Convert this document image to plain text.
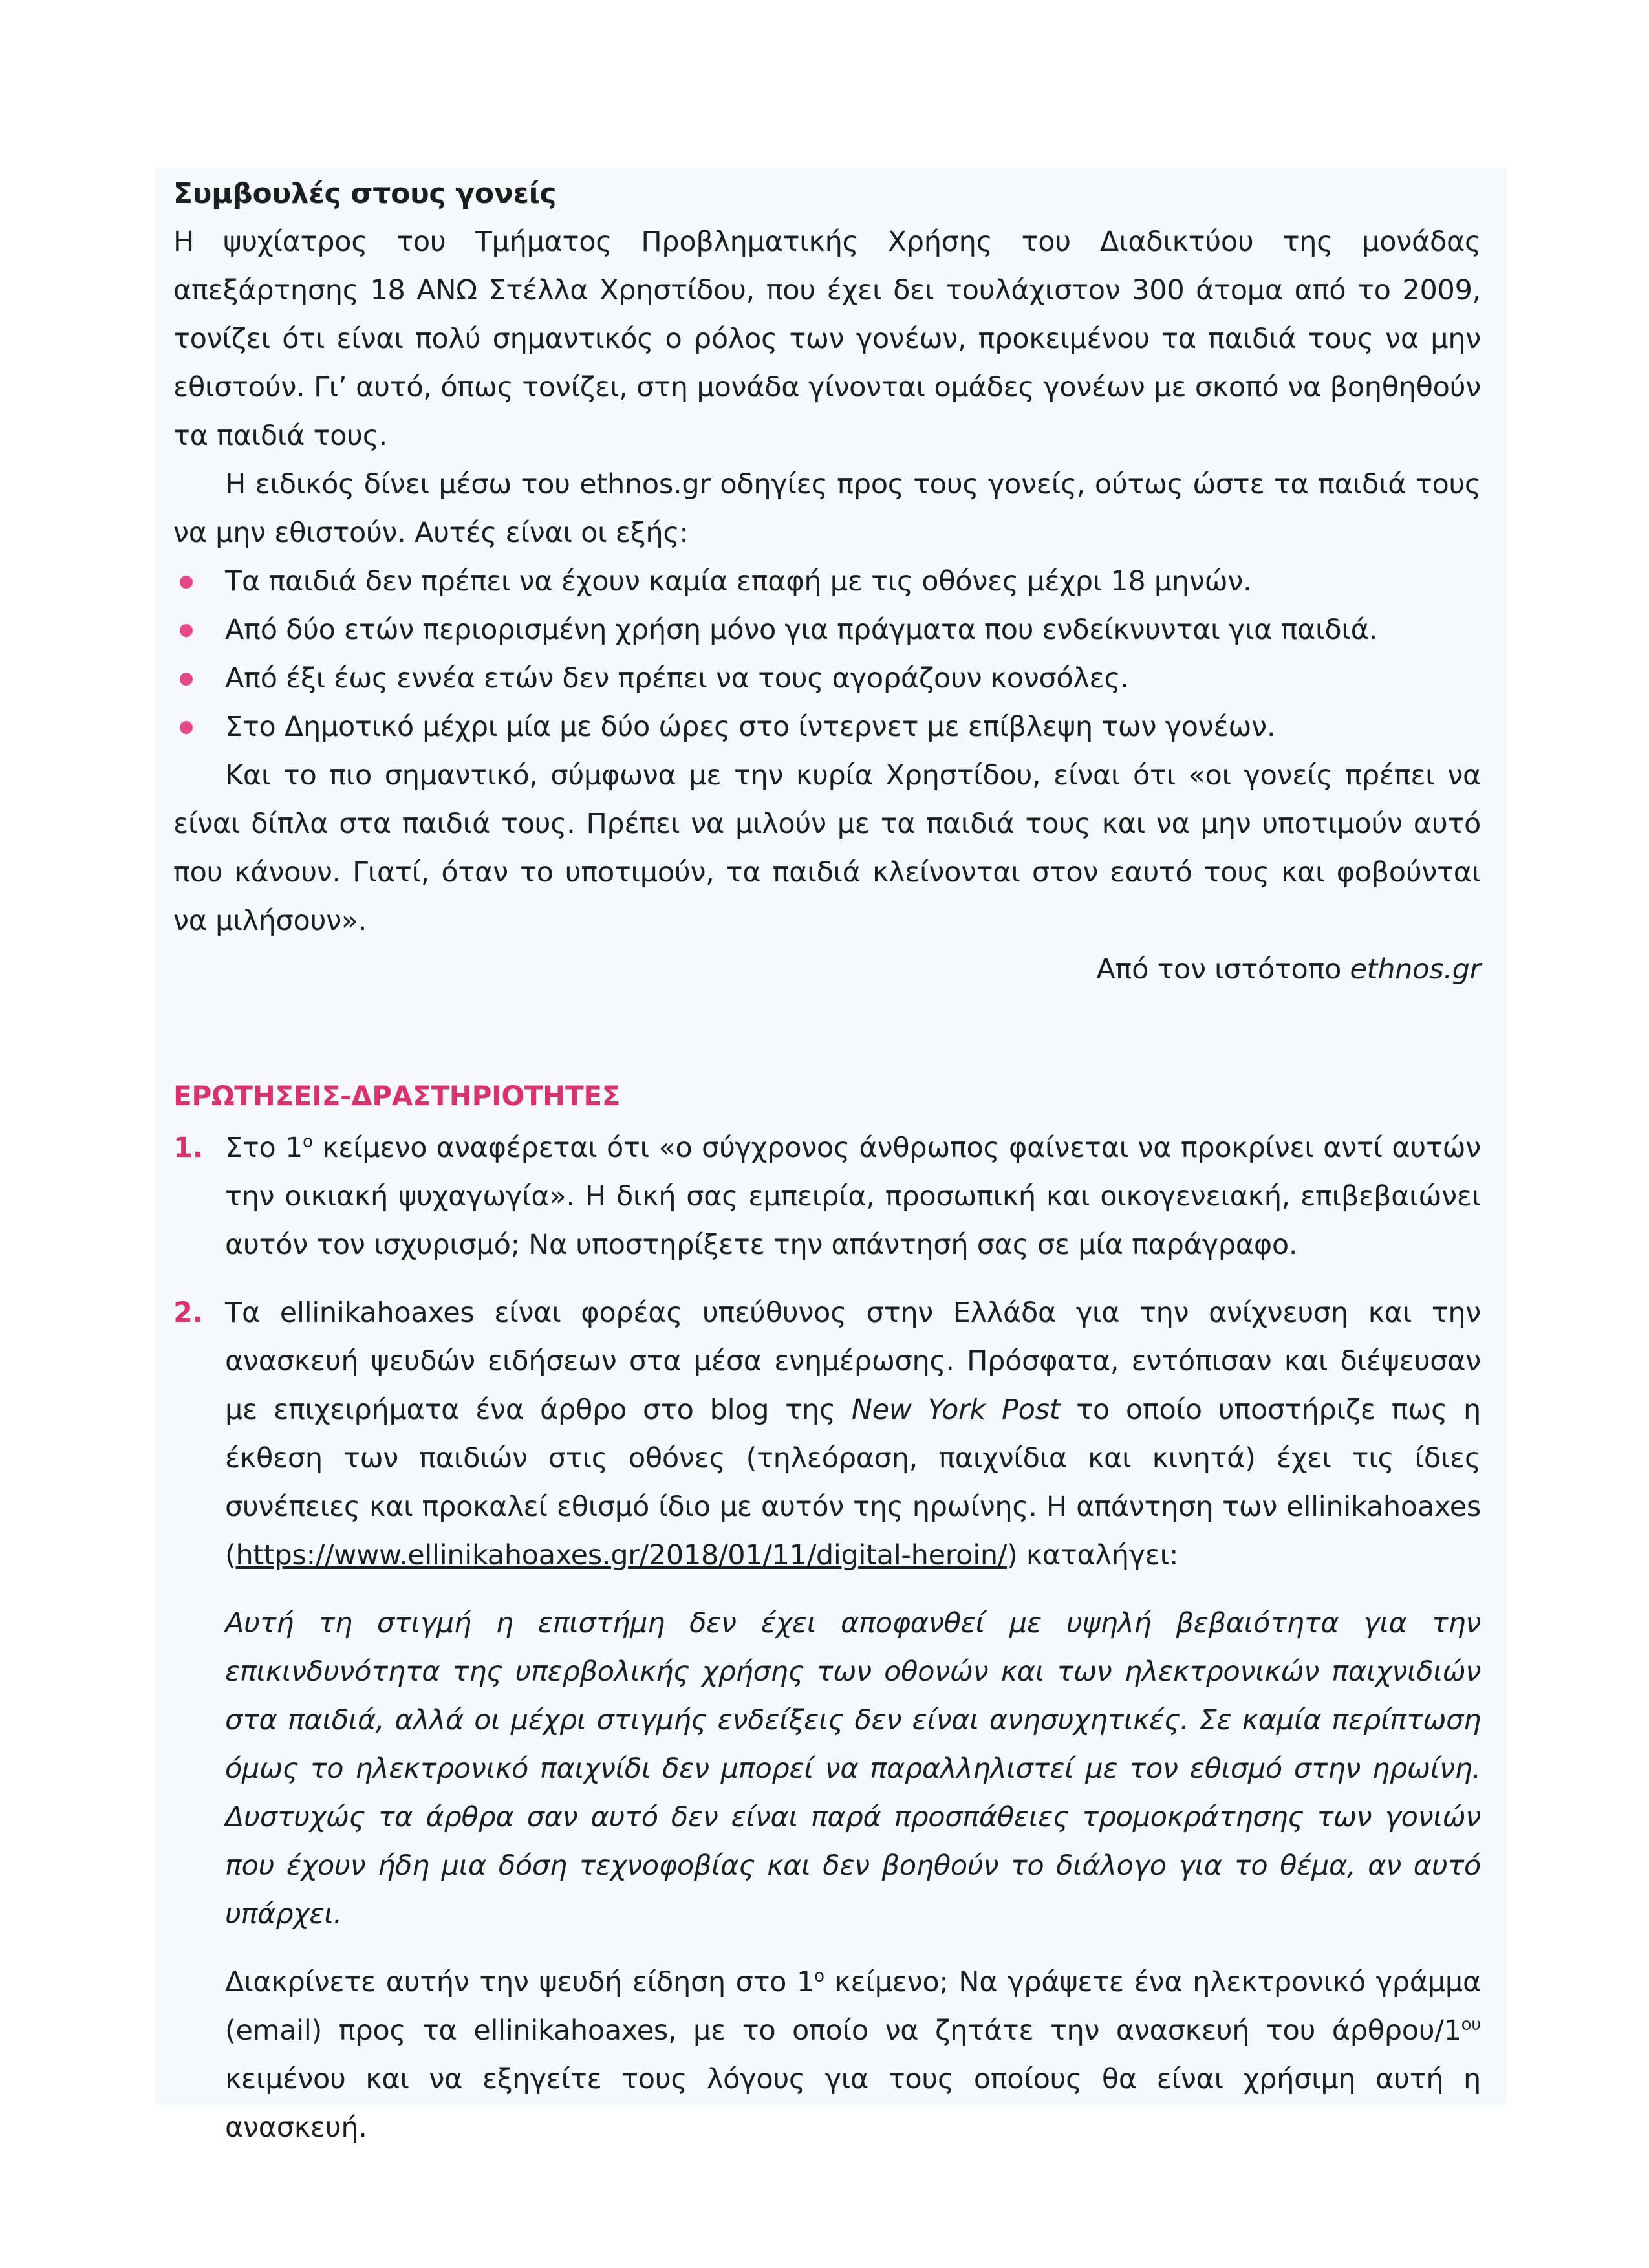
Συμβουλές στους γονείς

Η ψυχίατρος του Τμήματος Προβληματικής Χρήσης του Διαδικτύου της μονάδας απεξάρτησης 18 ΑΝΩ Στέλλα Χρηστίδου, που έχει δει τουλάχιστον 300 άτομα από το 2009, τονίζει ότι είναι πολύ σημαντικός ο ρόλος των γονέων, προκειμένου τα παιδιά τους να μην εθιστούν. Γι’ αυτό, όπως τονίζει, στη μονάδα γίνονται ομάδες γονέων με σκοπό να βοηθηθούν τα παιδιά τους.

Η ειδικός δίνει μέσω του ethnos.gr οδηγίες προς τους γονείς, ούτως ώστε τα παιδιά τους να μην εθιστούν. Αυτές είναι οι εξής:

Τα παιδιά δεν πρέπει να έχουν καμία επαφή με τις οθόνες μέχρι 18 μηνών.
Από δύο ετών περιορισμένη χρήση μόνο για πράγματα που ενδείκνυνται για παιδιά.
Από έξι έως εννέα ετών δεν πρέπει να τους αγοράζουν κονσόλες.
Στο Δημοτικό μέχρι μία με δύο ώρες στο ίντερνετ με επίβλεψη των γονέων.

Και το πιο σημαντικό, σύμφωνα με την κυρία Χρηστίδου, είναι ότι «οι γονείς πρέπει να είναι δίπλα στα παιδιά τους. Πρέπει να μιλούν με τα παιδιά τους και να μην υποτιμούν αυτό που κάνουν. Γιατί, όταν το υποτιμούν, τα παιδιά κλείνονται στον εαυτό τους και φοβούνται να μιλήσουν».

Από τον ιστότοπο ethnos.gr

ΕΡΩΤΗΣΕΙΣ-ΔΡΑΣΤΗΡΙΟΤΗΤΕΣ

1. Στο $1^o$ κείμενο αναφέρεται ότι «ο σύγχρονος άνθρωπος φαίνεται να προκρίνει αντί αυτών την οικιακή ψυχαγωγία». Η δική σας εμπειρία, προσωπική και οικογενειακή, επιβεβαιώνει αυτόν τον ισχυρισμό; Να υποστηρίξετε την απάντησή σας σε μία παράγραφο.

2. Τα ellinikahoaxes είναι φορέας υπεύθυνος στην Ελλάδα για την ανίχνευση και την ανασκευή ψευδών ειδήσεων στα μέσα ενημέρωσης. Πρόσφατα, εντόπισαν και διέψευσαν με επιχειρήματα ένα άρθρο στο blog της New York Post το οποίο υποστήριζε πως η έκθεση των παιδιών στις οθόνες (τηλεόραση, παιχνίδια και κινητά) έχει τις ίδιες συνέπειες και προκαλεί εθισμό ίδιο με αυτόν της ηρωίνης. Η απάντηση των ellinikahoaxes (https://www.ellinikahoaxes.gr/2018/01/11/digital-heroin/) καταλήγει:

Αυτή τη στιγμή η επιστήμη δεν έχει αποφανθεί με υψηλή βεβαιότητα για την επικινδυνότητα της υπερβολικής χρήσης των οθονών και των ηλεκτρονικών παιχνιδιών στα παιδιά, αλλά οι μέχρι στιγμής ενδείξεις δεν είναι ανησυχητικές. Σε καμία περίπτωση όμως το ηλεκτρονικό παιχνίδι δεν μπορεί να παραλληλιστεί με τον εθισμό στην ηρωίνη. Δυστυχώς τα άρθρα σαν αυτό δεν είναι παρά προσπάθειες τρομοκράτησης των γονιών που έχουν ήδη μια δόση τεχνοφοβίας και δεν βοηθούν το διάλογο για το θέμα, αν αυτό υπάρχει.

Διακρίνετε αυτήν την ψευδή είδηση στο $1^o$ κείμενο; Να γράψετε ένα ηλεκτρονικό γράμμα (email) προς τα ellinikahoaxes, με το οποίο να ζητάτε την ανασκευή του άρθρου/$1^{o\upsilon}$ κειμένου και να εξηγείτε τους λόγους για τους οποίους θα είναι χρήσιμη αυτή η ανασκευή.
